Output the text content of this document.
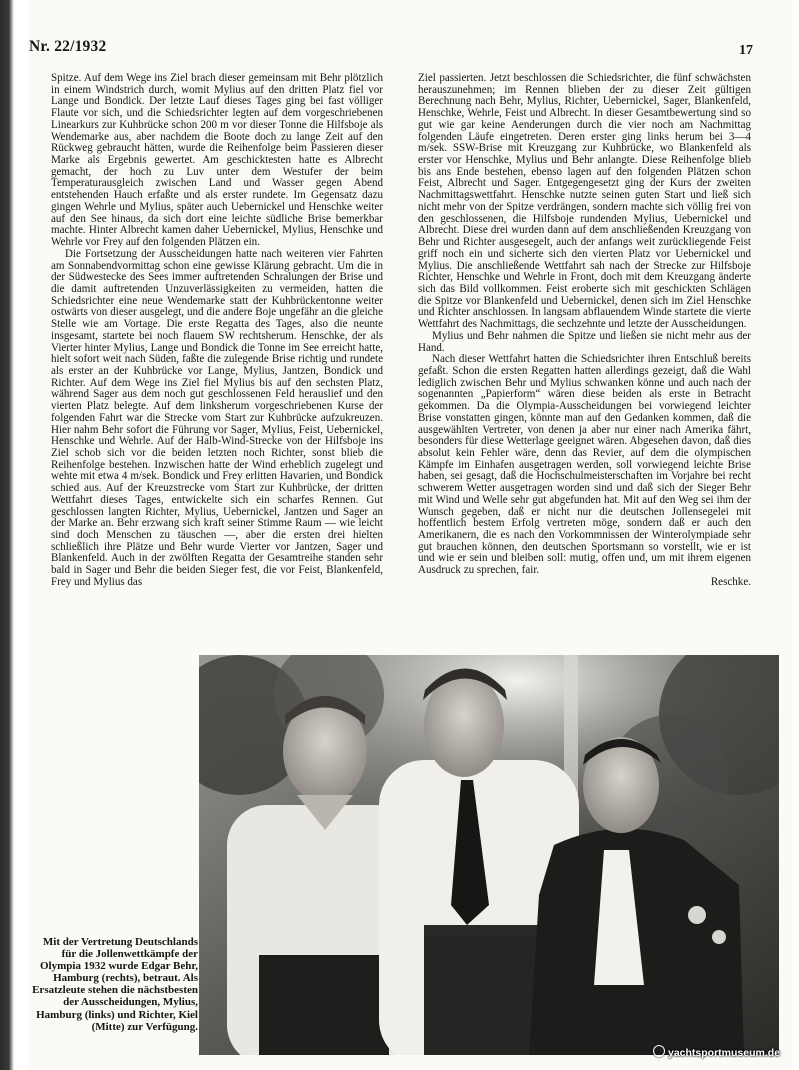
Nr. 22/1932	17

Spitze. Auf dem Wege ins Ziel brach dieser gemeinsam mit Behr plötzlich in einem Windstrich durch, womit Mylius auf den dritten Platz fiel vor Lange und Bondick. Der letzte Lauf dieses Tages ging bei fast völliger Flaute vor sich, und die Schiedsrichter legten auf dem vorgeschriebenen Linearkurs zur Kuhbrücke schon 200 m vor dieser Tonne die Hilfsboje als Wendemarke aus, aber nachdem die Boote doch zu lange Zeit auf den Rückweg gebraucht hätten, wurde die Reihenfolge beim Passieren dieser Marke als Ergebnis gewertet. Am geschicktesten hatte es Albrecht gemacht, der hoch zu Luv unter dem Westufer der beim Temperaturausgleich zwischen Land und Wasser gegen Abend entstehenden Hauch erfaßte und als erster rundete. Im Gegensatz dazu gingen Wehrle und Mylius, später auch Uebernickel und Henschke weiter auf den See hinaus, da sich dort eine leichte südliche Brise bemerkbar machte. Hinter Albrecht kamen daher Uebernickel, Mylius, Henschke und Wehrle vor Frey auf den folgenden Plätzen ein.

Die Fortsetzung der Ausscheidungen hatte nach weiteren vier Fahrten am Sonnabendvormittag schon eine gewisse Klärung gebracht. Um die in der Südwestecke des Sees immer auftretenden Schralungen der Brise und die damit auftretenden Unzuverlässigkeiten zu vermeiden, hatten die Schiedsrichter eine neue Wendemarke statt der Kuhbrückentonne weiter ostwärts von dieser ausgelegt, und die andere Boje ungefähr an die gleiche Stelle wie am Vortage. Die erste Regatta des Tages, also die neunte insgesamt, startete bei noch flauem SW rechtsherum. Henschke, der als Vierter hinter Mylius, Lange und Bondick die Tonne im See erreicht hatte, hielt sofort weit nach Süden, faßte die zulegende Brise richtig und rundete als erster an der Kuhbrücke vor Lange, Mylius, Jantzen, Bondick und Richter. Auf dem Wege ins Ziel fiel Mylius bis auf den sechsten Platz, während Sager aus dem noch gut geschlossenen Feld herauslief und den vierten Platz belegte. Auf dem linksherum vorgeschriebenen Kurse der folgenden Fahrt war die Strecke vom Start zur Kuhbrücke aufzukreuzen. Hier nahm Behr sofort die Führung vor Sager, Mylius, Feist, Uebernickel, Henschke und Wehrle. Auf der Halb-Wind-Strecke von der Hilfsboje ins Ziel schob sich vor die beiden letzten noch Richter, sonst blieb die Reihenfolge bestehen. Inzwischen hatte der Wind erheblich zugelegt und wehte mit etwa 4 m/sek. Bondick und Frey erlitten Havarien, und Bondick schied aus. Auf der Kreuzstrecke vom Start zur Kuhbrücke, der dritten Wettfahrt dieses Tages, entwickelte sich ein scharfes Rennen. Gut geschlossen langten Richter, Mylius, Uebernickel, Jantzen und Sager an der Marke an. Behr erzwang sich kraft seiner Stimme Raum — wie leicht sind doch Menschen zu täuschen —, aber die ersten drei hielten schließlich ihre Plätze und Behr wurde Vierter vor Jantzen, Sager und Blankenfeld. Auch in der zwölften Regatta der Gesamtreihe standen sehr bald in Sager und Behr die beiden Sieger fest, die vor Feist, Blankenfeld, Frey und Mylius das

Ziel passierten. Jetzt beschlossen die Schiedsrichter, die fünf schwächsten herauszunehmen; im Rennen blieben der zu dieser Zeit gültigen Berechnung nach Behr, Mylius, Richter, Uebernickel, Sager, Blankenfeld, Henschke, Wehrle, Feist und Albrecht. In dieser Gesamtbewertung sind so gut wie gar keine Aenderungen durch die vier noch am Nachmittag folgenden Läufe eingetreten. Deren erster ging links herum bei 3—4 m/sek. SSW-Brise mit Kreuzgang zur Kuhbrücke, wo Blankenfeld als erster vor Henschke, Mylius und Behr anlangte. Diese Reihenfolge blieb bis ans Ende bestehen, ebenso lagen auf den folgenden Plätzen schon Feist, Albrecht und Sager. Entgegengesetzt ging der Kurs der zweiten Nachmittagswettfahrt. Henschke nutzte seinen guten Start und ließ sich nicht mehr von der Spitze verdrängen, sondern machte sich völlig frei von den geschlossenen, die Hilfsboje rundenden Mylius, Uebernickel und Albrecht. Diese drei wurden dann auf dem anschließenden Kreuzgang von Behr und Richter ausgesegelt, auch der anfangs weit zurückliegende Feist griff noch ein und sicherte sich den vierten Platz vor Uebernickel und Mylius. Die anschließende Wettfahrt sah nach der Strecke zur Hilfsboje Richter, Henschke und Wehrle in Front, doch mit dem Kreuzgang änderte sich das Bild vollkommen. Feist eroberte sich mit geschickten Schlägen die Spitze vor Blankenfeld und Uebernickel, denen sich im Ziel Henschke und Richter anschlossen. In langsam abflauendem Winde startete die vierte Wettfahrt des Nachmittags, die sechzehnte und letzte der Ausscheidungen.

Mylius und Behr nahmen die Spitze und ließen sie nicht mehr aus der Hand.

Nach dieser Wettfahrt hatten die Schiedsrichter ihren Entschluß bereits gefaßt. Schon die ersten Regatten hatten allerdings gezeigt, daß die Wahl lediglich zwischen Behr und Mylius schwanken könne und auch nach der sogenannten „Papierform“ wären diese beiden als erste in Betracht gekommen. Da die Olympia-Ausscheidungen bei vorwiegend leichter Brise vonstatten gingen, könnte man auf den Gedanken kommen, daß die ausgewählten Vertreter, von denen ja aber nur einer nach Amerika fährt, besonders für diese Wetterlage geeignet wären. Abgesehen davon, daß dies absolut kein Fehler wäre, denn das Revier, auf dem die olympischen Kämpfe im Einhafen ausgetragen werden, soll vorwiegend leichte Brise haben, sei gesagt, daß die Hochschulmeisterschaften im Vorjahre bei recht schwerem Wetter ausgetragen worden sind und daß sich der Sieger Behr mit Wind und Welle sehr gut abgefunden hat. Mit auf den Weg sei ihm der Wunsch gegeben, daß er nicht nur die deutschen Jollensegelei mit hoffentlich bestem Erfolg vertreten möge, sondern daß er auch den Amerikanern, die es nach den Vorkommnissen der Winterolympiade sehr gut brauchen können, den deutschen Sportsmann so vorstellt, wie er ist und wie er sein und bleiben soll: mutig, offen und, um mit ihrem eigenen Ausdruck zu sprechen, fair.

Reschke.
Mit der Vertretung Deutschlands für die Jollenwettkämpfe der Olympia 1932 wurde Edgar Behr, Hamburg (rechts), betraut. Als Ersatzleute stehen die nächstbesten der Ausscheidungen, Mylius, Hamburg (links) und Richter, Kiel (Mitte) zur Verfügung.
yachtsportmuseum.de
